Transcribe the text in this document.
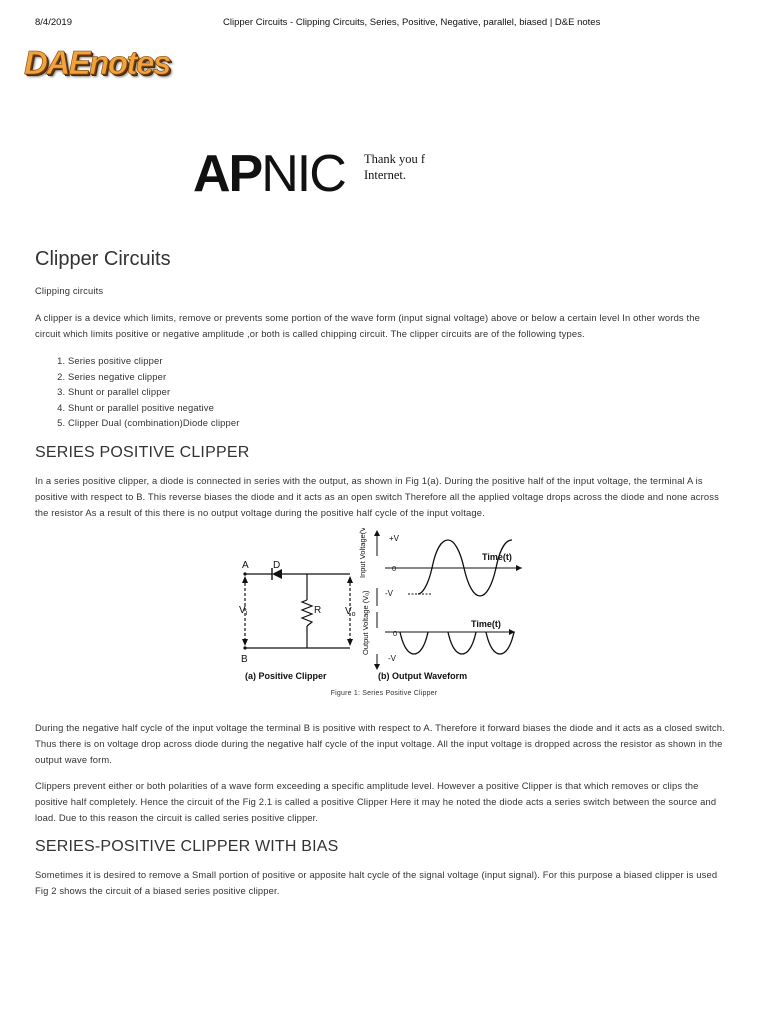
8/4/2019	Clipper Circuits - Clipping Circuits, Series, Positive, Negative, parallel, biased | D&E notes
DAEnotes
APNIC Thank you f
Internet.
Clipper Circuits
Clipping circuits
A clipper is a device which limits, remove or prevents some portion of the wave form (input signal voltage) above or below a certain level In other words the circuit which limits positive or negative amplitude ,or both is called chipping circuit. The clipper circuits are of the following types.
1. Series positive clipper
2. Series negative clipper
3. Shunt or parallel clipper
4. Shunt or parallel positive negative
5. Clipper Dual (combination)Diode clipper
SERIES POSITIVE CLIPPER
In a series positive clipper, a diode is connected in series with the output, as shown in Fig 1(a). During the positive half of the input voltage, the terminal A is positive with respect to B. This reverse biases the diode and it acts as an open switch Therefore all the applied voltage drops across the diode and none across the resistor As a result of this there is no output voltage during the positive half cycle of the input voltage.
A D
B
$V_i$	R $V_o$
(a) Positive Clipper
Input Voltage(Vᵢ)
Output Voltage (Vₒ)
+V
0
-V
Time(t)
0
-V
Time(t)
(b) Output Waveform
Figure 1: Series Positive Clipper
During the negative half cycle of the input voltage the terminal B is positive with respect to A. Therefore it forward biases the diode and it acts as a closed switch. Thus there is on voltage drop across diode during the negative half cycle of the input voltage. All the input voltage is dropped across the resistor as shown in the output wave form.
Clippers prevent either or both polarities of a wave form exceeding a specific amplitude level. However a positive Clipper is that which removes or clips the positive half completely. Hence the circuit of the Fig 2.1 is called a positive Clipper Here it may he noted the diode acts a series switch between the source and load. Due to this reason the circuit is called series positive clipper.
SERIES-POSITIVE CLIPPER WITH BIAS
Sometimes it is desired to remove a Small portion of positive or apposite halt cycle of the signal voltage (input signal). For this purpose a biased clipper is used Fig 2 shows the circuit of a biased series positive clipper.
